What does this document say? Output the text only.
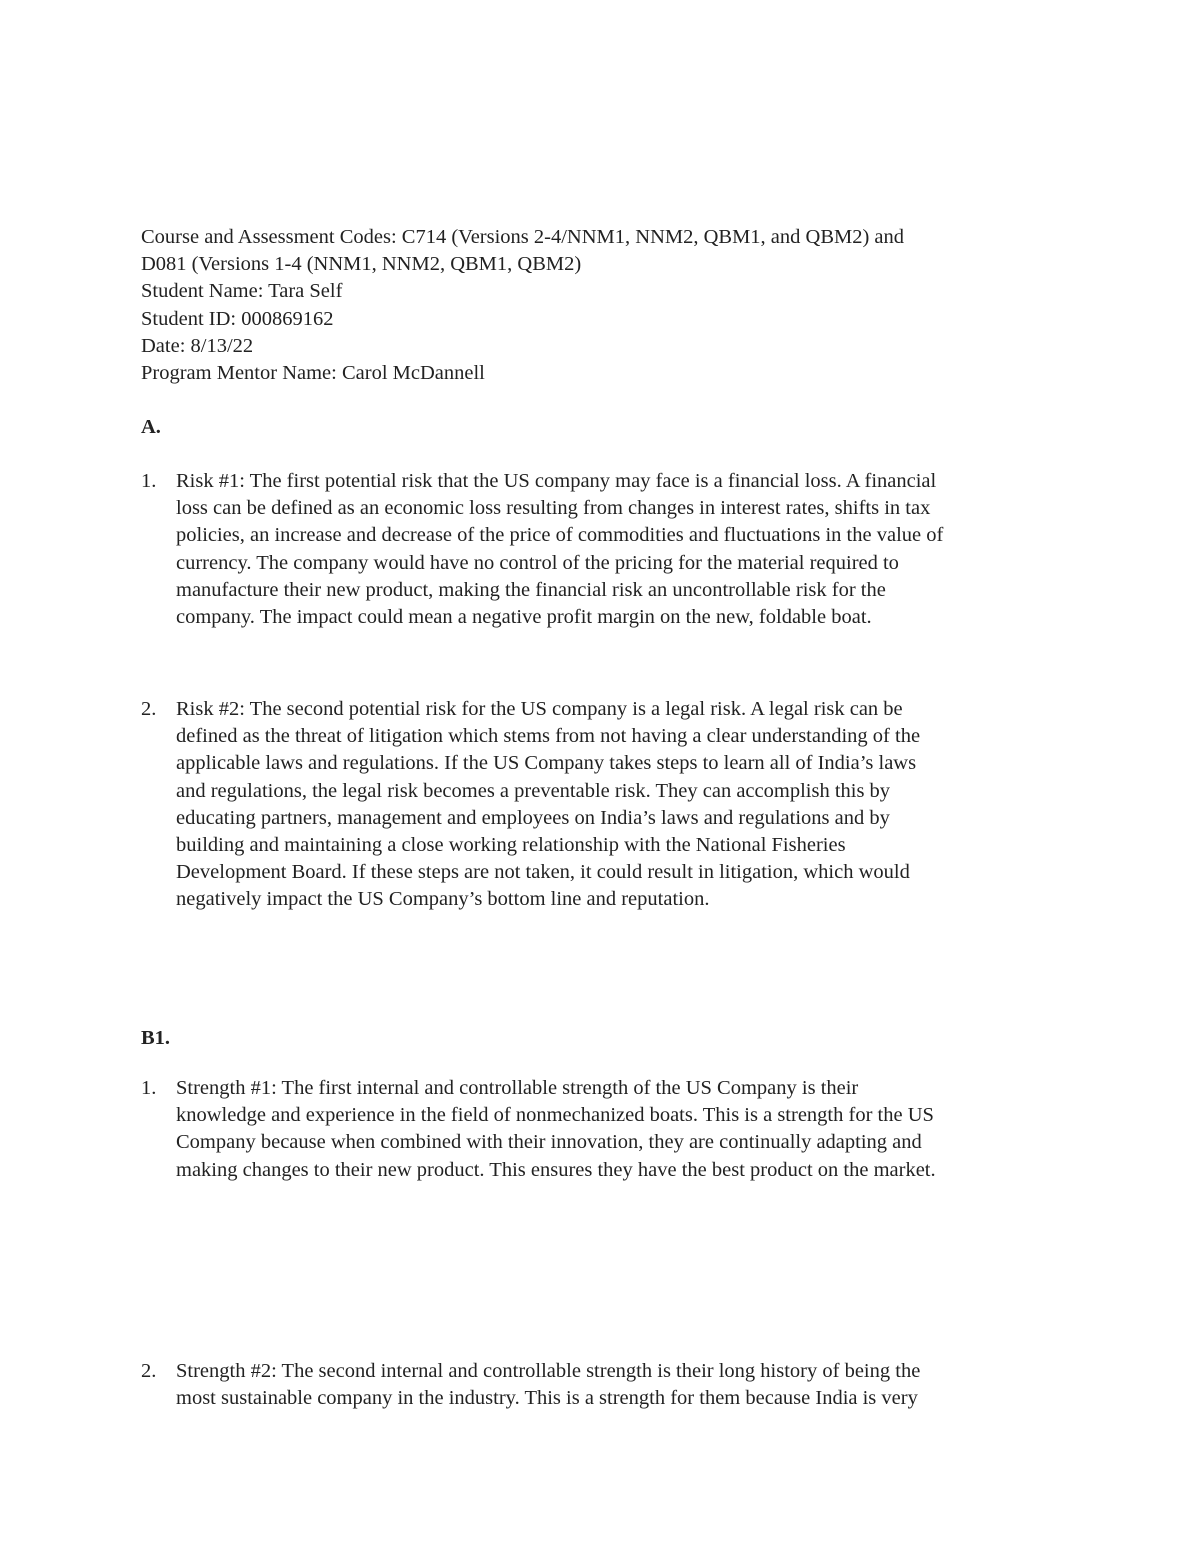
Course and Assessment Codes: C714 (Versions 2-4/NNM1, NNM2, QBM1, and QBM2) and
D081 (Versions 1-4 (NNM1, NNM2, QBM1, QBM2)
Student Name: Tara Self
Student ID: 000869162
Date: 8/13/22
Program Mentor Name: Carol McDannell
A.
1. Risk #1: The first potential risk that the US company may face is a financial loss. A financial
loss can be defined as an economic loss resulting from changes in interest rates, shifts in tax
policies, an increase and decrease of the price of commodities and fluctuations in the value of
currency. The company would have no control of the pricing for the material required to
manufacture their new product, making the financial risk an uncontrollable risk for the
company. The impact could mean a negative profit margin on the new, foldable boat.
2. Risk #2: The second potential risk for the US company is a legal risk. A legal risk can be
defined as the threat of litigation which stems from not having a clear understanding of the
applicable laws and regulations. If the US Company takes steps to learn all of India’s laws
and regulations, the legal risk becomes a preventable risk. They can accomplish this by
educating partners, management and employees on India’s laws and regulations and by
building and maintaining a close working relationship with the National Fisheries
Development Board. If these steps are not taken, it could result in litigation, which would
negatively impact the US Company’s bottom line and reputation.
B1.
1. Strength #1: The first internal and controllable strength of the US Company is their
knowledge and experience in the field of nonmechanized boats. This is a strength for the US
Company because when combined with their innovation, they are continually adapting and
making changes to their new product. This ensures they have the best product on the market.
2. Strength #2: The second internal and controllable strength is their long history of being the
most sustainable company in the industry. This is a strength for them because India is very
